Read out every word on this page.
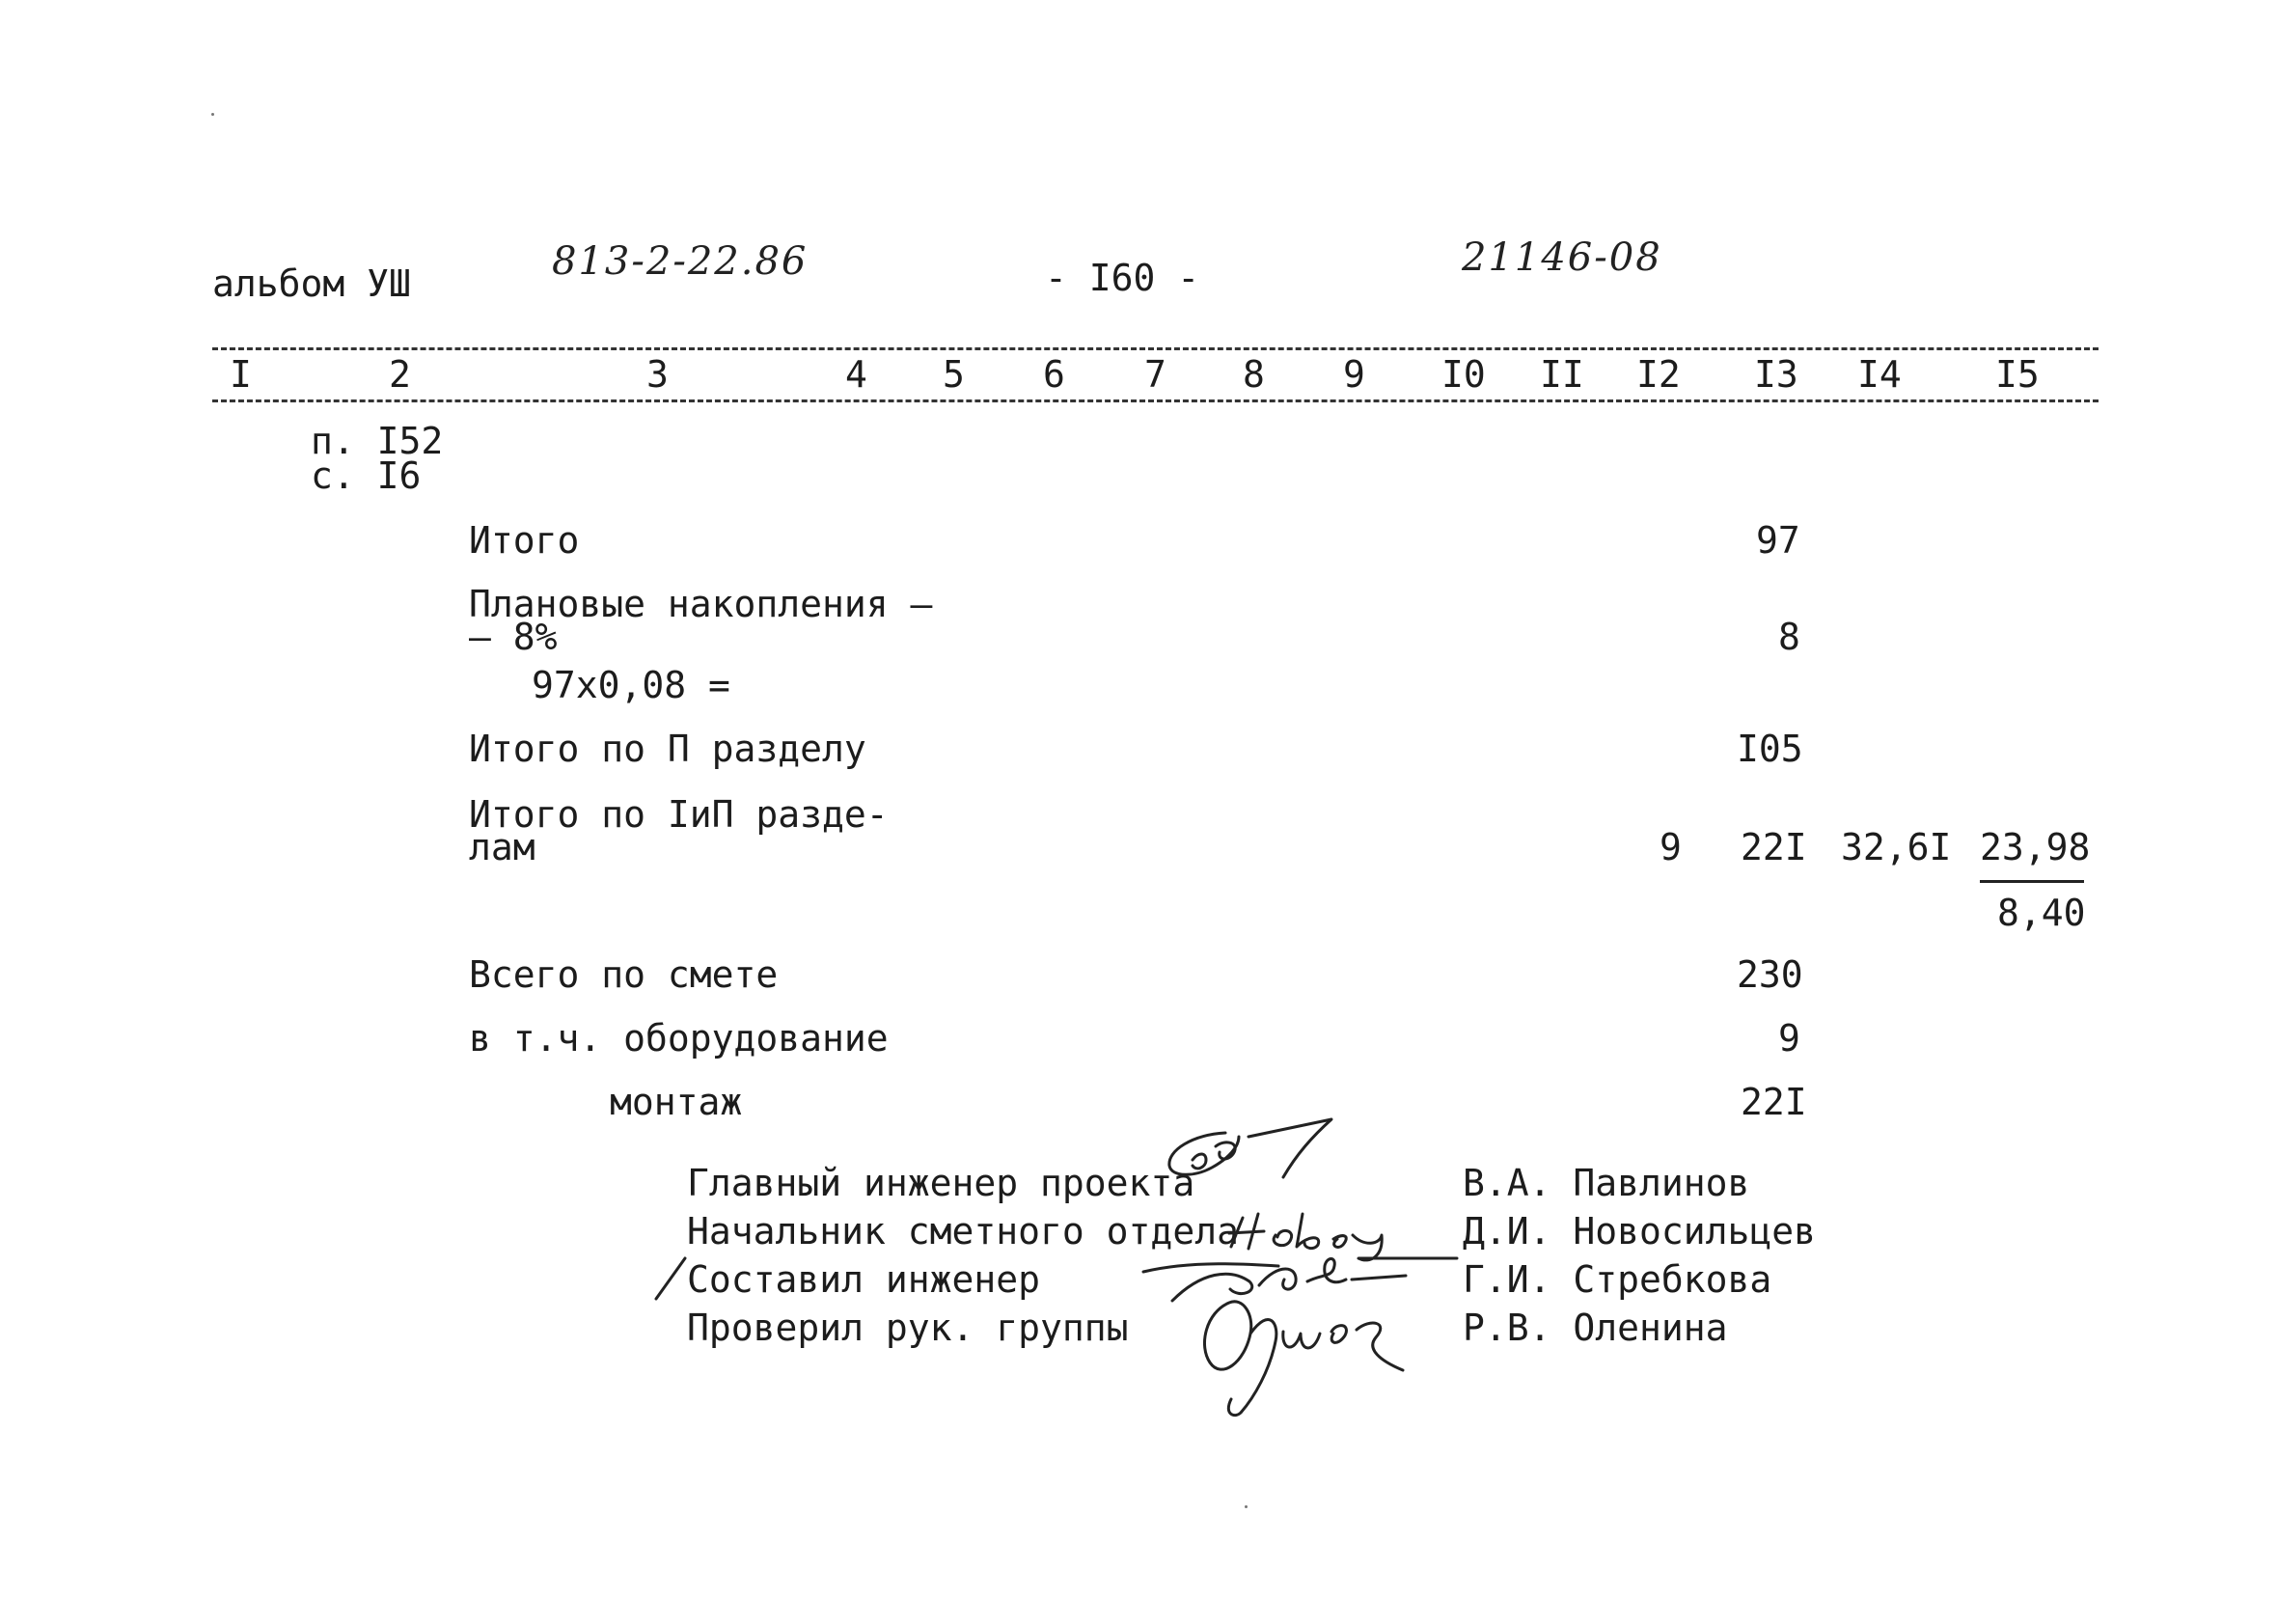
альбом УШ	813-2-22.86	- I60 -	21146-08
I	2	3	4 5 6 7 8 9 I0 II I2 I3 I4	I5
п. I52
с. I6
Итого	97
Плановые накопления –
– 8%
97х0,08 =
8
Итого по П разделу	I05
Итого по IиП разде-
лам	9 22I 32,6I 23,98
8,40
Всего по смете	230
в т.ч. оборудование	9
монтаж	22I
Главный инженер проекта	В.А. Павлинов
Начальник сметного отдела	Д.И. Новосильцев
Составил инженер	Г.И. Стребкова
Проверил рук. группы	Р.В. Оленина
